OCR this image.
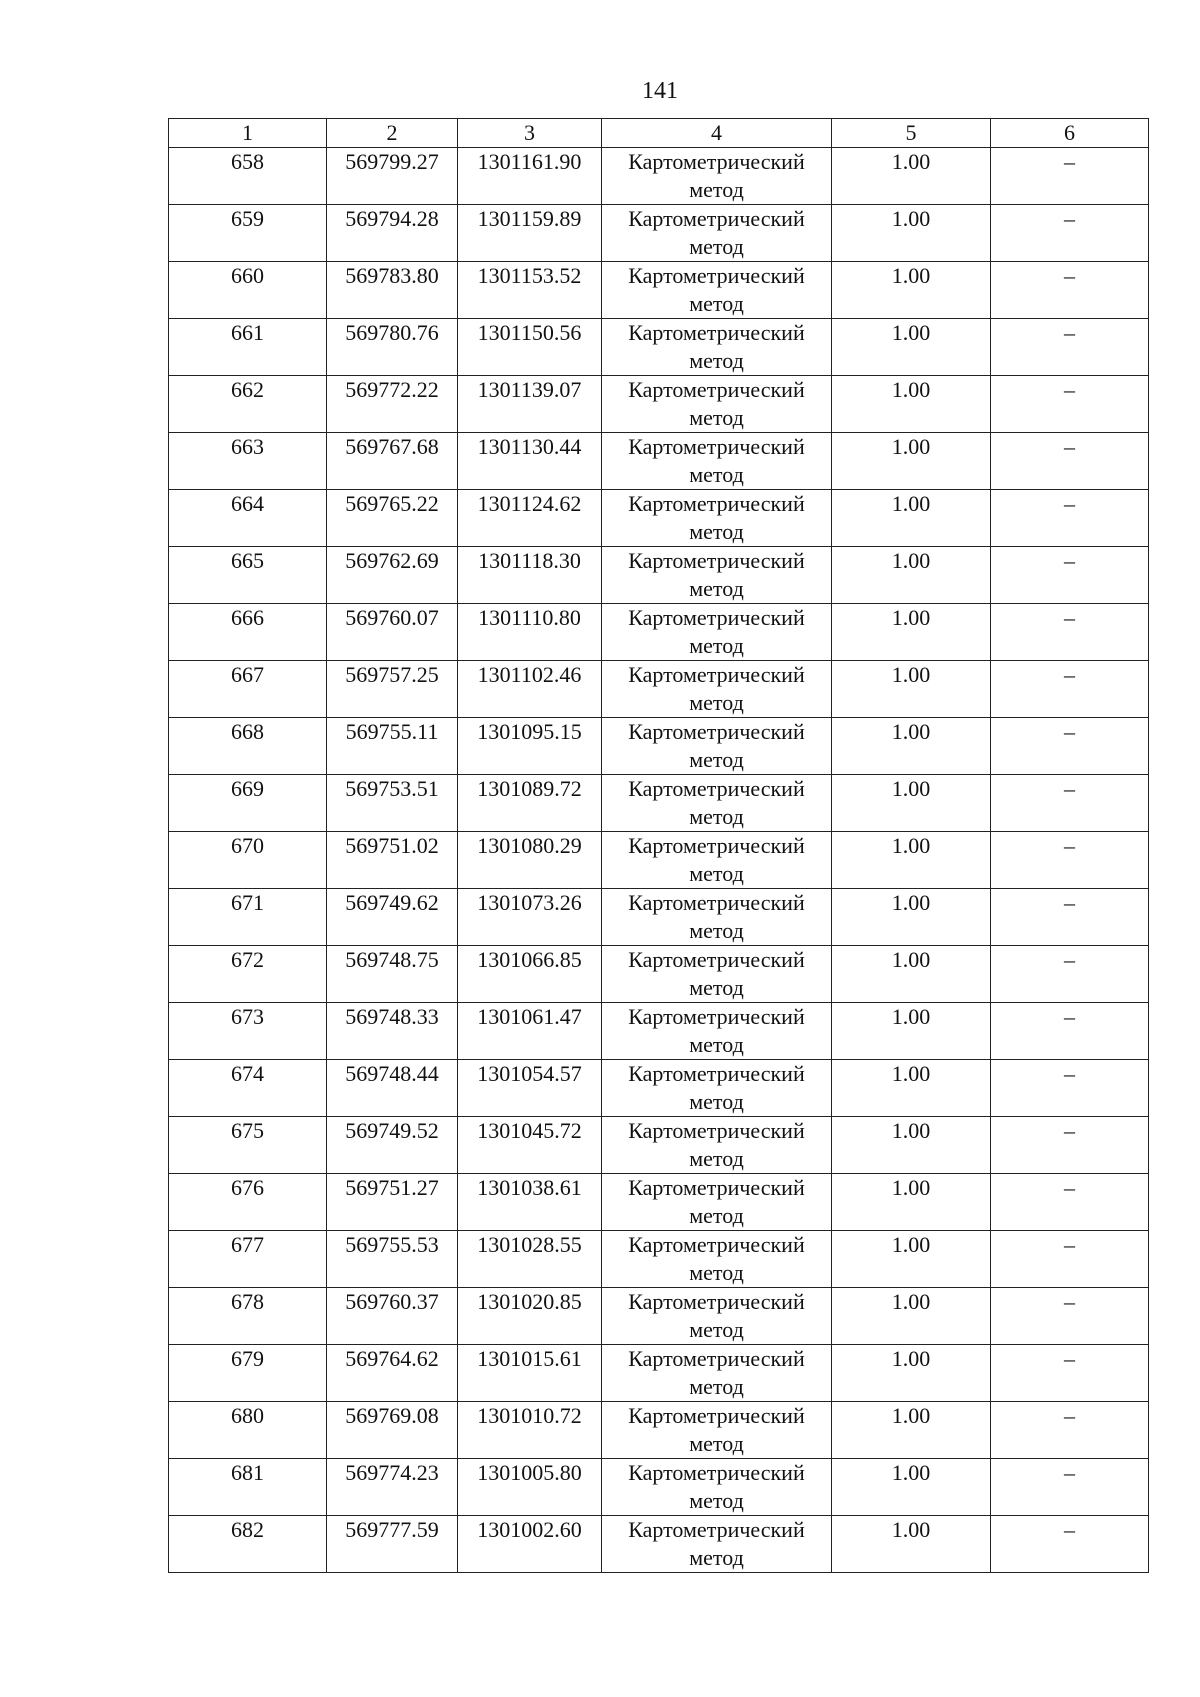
141
1	2	3	4	5	6
658	569799.27	1301161.90	Картометрический метод	1.00	–
659	569794.28	1301159.89	Картометрический метод	1.00	–
660	569783.80	1301153.52	Картометрический метод	1.00	–
661	569780.76	1301150.56	Картометрический метод	1.00	–
662	569772.22	1301139.07	Картометрический метод	1.00	–
663	569767.68	1301130.44	Картометрический метод	1.00	–
664	569765.22	1301124.62	Картометрический метод	1.00	–
665	569762.69	1301118.30	Картометрический метод	1.00	–
666	569760.07	1301110.80	Картометрический метод	1.00	–
667	569757.25	1301102.46	Картометрический метод	1.00	–
668	569755.11	1301095.15	Картометрический метод	1.00	–
669	569753.51	1301089.72	Картометрический метод	1.00	–
670	569751.02	1301080.29	Картометрический метод	1.00	–
671	569749.62	1301073.26	Картометрический метод	1.00	–
672	569748.75	1301066.85	Картометрический метод	1.00	–
673	569748.33	1301061.47	Картометрический метод	1.00	–
674	569748.44	1301054.57	Картометрический метод	1.00	–
675	569749.52	1301045.72	Картометрический метод	1.00	–
676	569751.27	1301038.61	Картометрический метод	1.00	–
677	569755.53	1301028.55	Картометрический метод	1.00	–
678	569760.37	1301020.85	Картометрический метод	1.00	–
679	569764.62	1301015.61	Картометрический метод	1.00	–
680	569769.08	1301010.72	Картометрический метод	1.00	–
681	569774.23	1301005.80	Картометрический метод	1.00	–
682	569777.59	1301002.60	Картометрический метод	1.00	–
